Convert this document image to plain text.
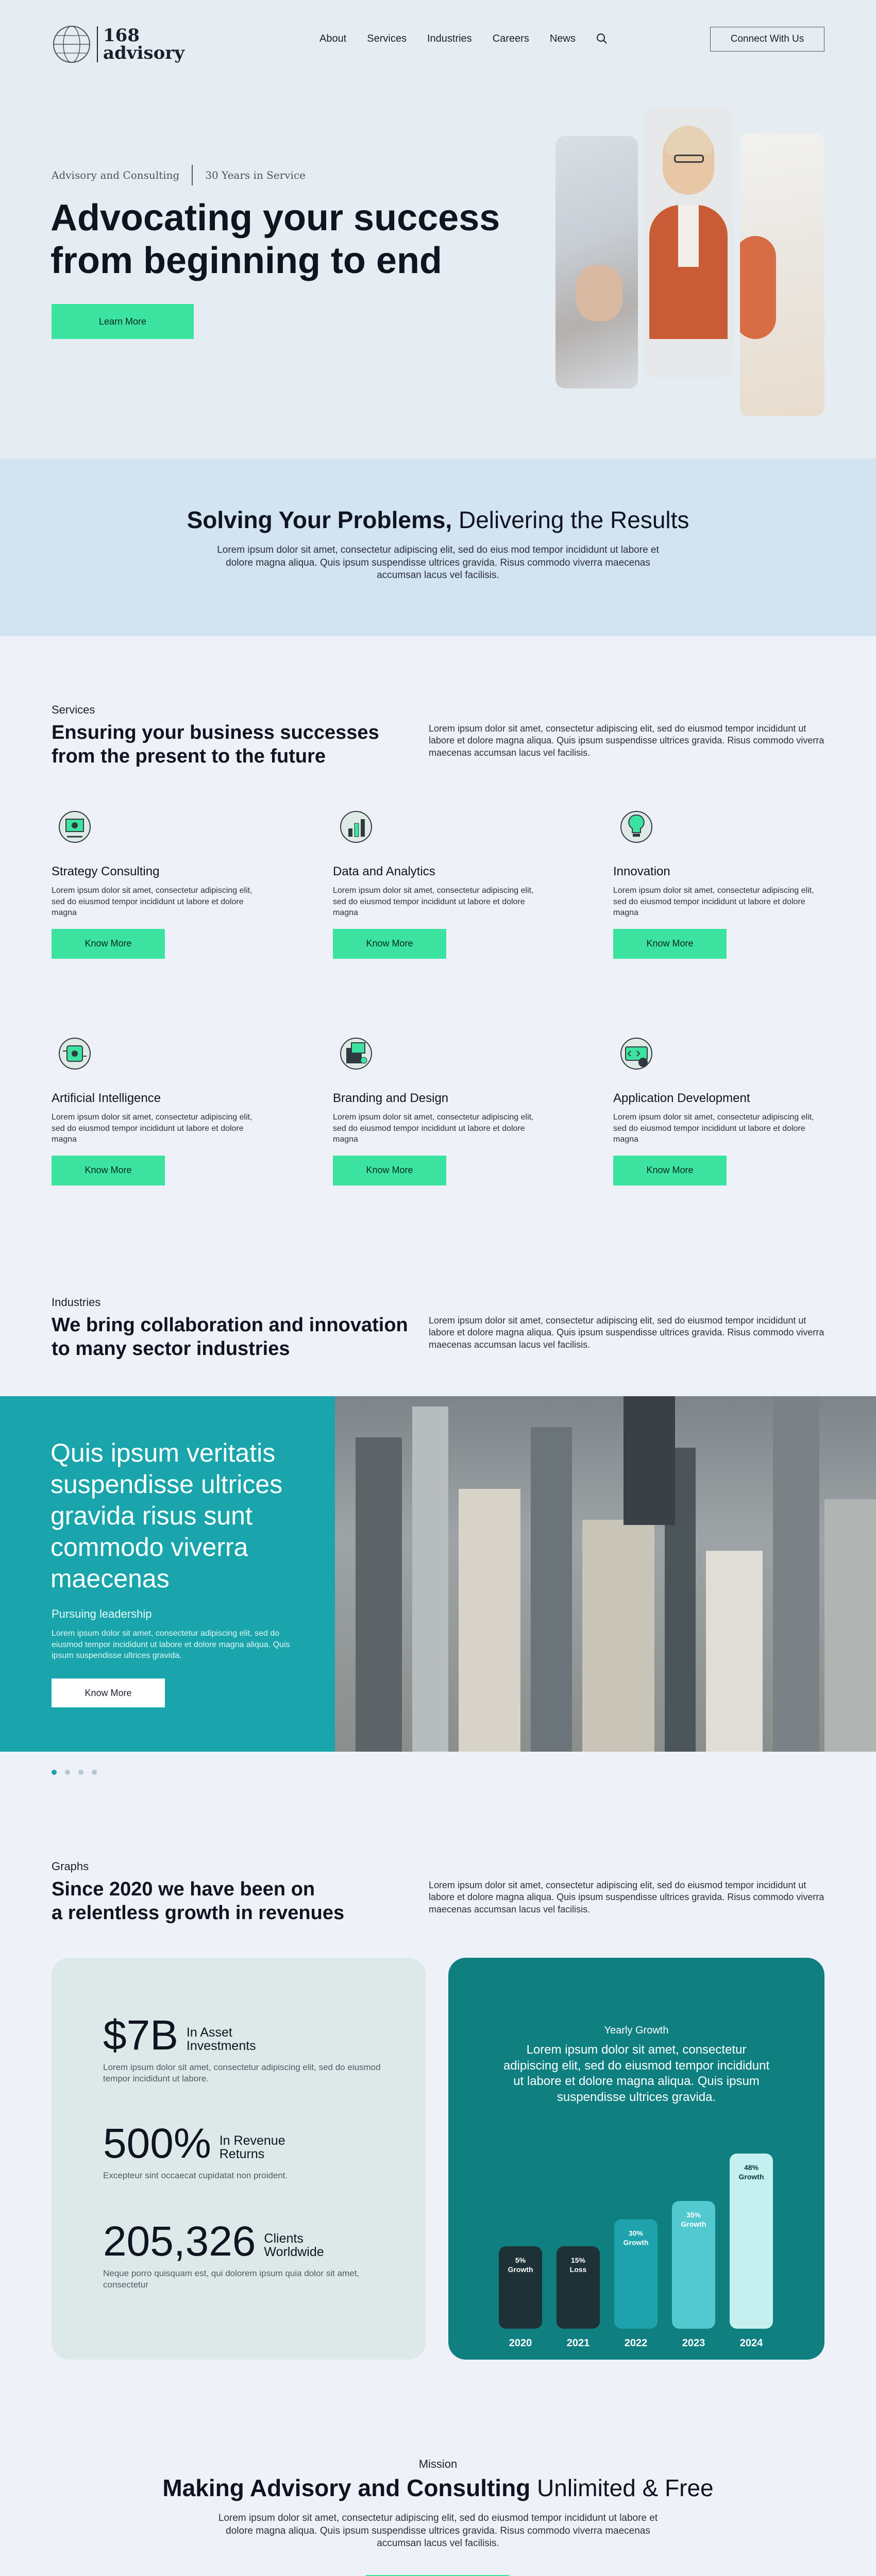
168
advisory
About Services Industries Careers News	Connect With Us
Advisory and Consulting	30 Years in Service
Advocating your success
from beginning to end
Learn More
Solving Your Problems, Delivering the Results

Lorem ipsum dolor sit amet, consectetur adipiscing elit, sed do eius mod tempor incididunt ut labore et dolore magna aliqua. Quis ipsum suspendisse ultrices gravida. Risus commodo viverra maecenas accumsan lacus vel facilisis.

Services
Ensuring your business successes
from the present to the future

Lorem ipsum dolor sit amet, consectetur adipiscing elit, sed do eiusmod tempor incididunt ut labore et dolore magna aliqua. Quis ipsum suspendisse ultrices gravida. Risus commodo viverra maecenas accumsan lacus vel facilisis.

Strategy Consulting

Lorem ipsum dolor sit amet, consectetur adipiscing elit, sed do eiusmod tempor incididunt ut labore et dolore magna

Know More
Data and Analytics

Lorem ipsum dolor sit amet, consectetur adipiscing elit, sed do eiusmod tempor incididunt ut labore et dolore magna

Know More
Innovation

Lorem ipsum dolor sit amet, consectetur adipiscing elit, sed do eiusmod tempor incididunt ut labore et dolore magna

Know More
Artificial Intelligence

Lorem ipsum dolor sit amet, consectetur adipiscing elit, sed do eiusmod tempor incididunt ut labore et dolore magna

Know More
Branding and Design

Lorem ipsum dolor sit amet, consectetur adipiscing elit, sed do eiusmod tempor incididunt ut labore et dolore magna

Know More
Application Development

Lorem ipsum dolor sit amet, consectetur adipiscing elit, sed do eiusmod tempor incididunt ut labore et dolore magna

Know More
Industries
We bring collaboration and innovation
to many sector industries

Lorem ipsum dolor sit amet, consectetur adipiscing elit, sed do eiusmod tempor incididunt ut labore et dolore magna aliqua. Quis ipsum suspendisse ultrices gravida. Risus commodo viverra maecenas accumsan lacus vel facilisis.

Quis ipsum veritatis suspendisse ultrices gravida risus sunt commodo viverra maecenas
Pursuing leadership

Lorem ipsum dolor sit amet, consectetur adipiscing elit, sed do eiusmod tempor incididunt ut labore et dolore magna aliqua. Quis ipsum suspendisse ultrices gravida.

Know More
Graphs
Since 2020 we have been on
a relentless growth in revenues

Lorem ipsum dolor sit amet, consectetur adipiscing elit, sed do eiusmod tempor incididunt ut labore et dolore magna aliqua. Quis ipsum suspendisse ultrices gravida. Risus commodo viverra maecenas accumsan lacus vel facilisis.

$7B In Asset
Investments

Lorem ipsum dolor sit amet, consectetur adipiscing elit, sed do eiusmod tempor incididunt ut labore.

500% In Revenue
Returns

Excepteur sint occaecat cupidatat non proident.

205,326 Clients
Worldwide

Neque porro quisquam est, qui dolorem ipsum quia dolor sit amet, consectetur

Yearly Growth

Lorem ipsum dolor sit amet, consectetur adipiscing elit, sed do eiusmod tempor incididunt ut labore et dolore magna aliqua. Quis ipsum suspendisse ultrices gravida.

5%
Growth
2020
15%
Loss
2021
30%
Growth
2022
35%
Growth
2023
48%
Growth
2024
Mission
Making Advisory and Consulting Unlimited & Free

Lorem ipsum dolor sit amet, consectetur adipiscing elit, sed do eiusmod tempor incididunt ut labore et dolore magna aliqua. Quis ipsum suspendisse ultrices gravida. Risus commodo viverra maecenas accumsan lacus vel facilisis.
